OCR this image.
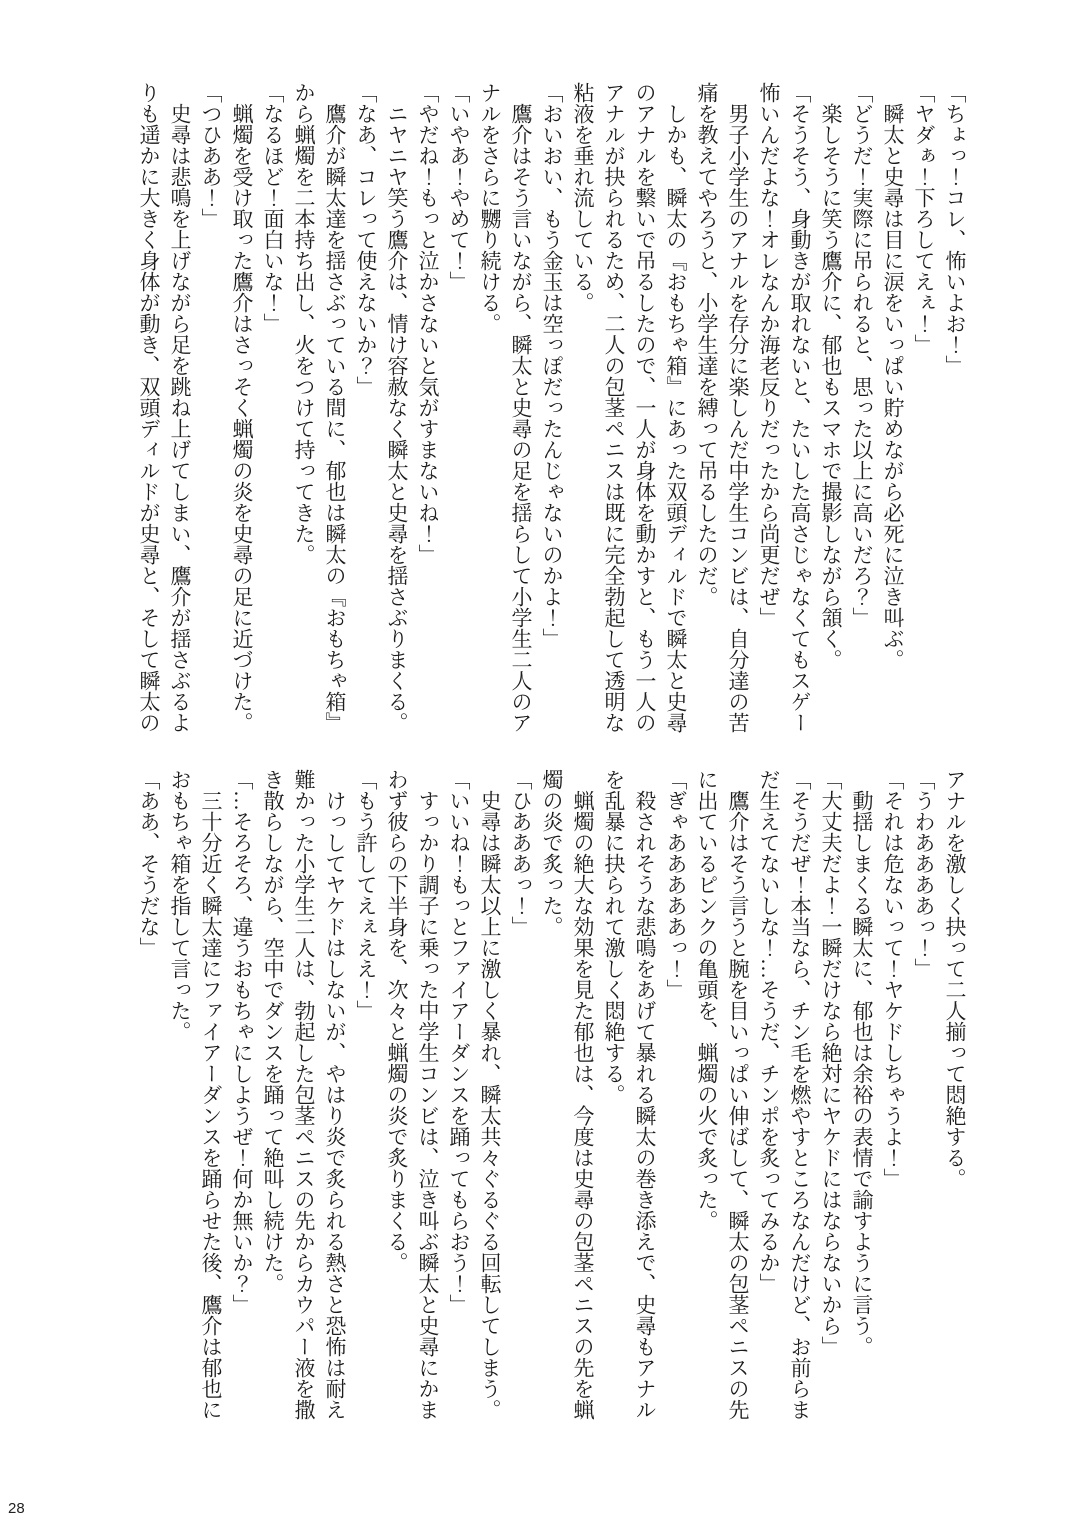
「ちょっ！コレ、怖いよお！」

「ヤダぁ！下ろしてえぇ！」

瞬太と史尋は目に涙をいっぱい貯めながら必死に泣き叫ぶ。

「どうだ！実際に吊られると、思った以上に高いだろ？」

楽しそうに笑う鷹介に、郁也もスマホで撮影しながら頷く。

「そうそう、身動きが取れないと、たいした高さじゃなくてもスゲー怖いんだよな！オレなんか海老反りだったから尚更だぜ」

男子小学生のアナルを存分に楽しんだ中学生コンビは、自分達の苦痛を教えてやろうと、小学生達を縛って吊るしたのだ。

しかも、瞬太の『おもちゃ箱』にあった双頭ディルドで瞬太と史尋のアナルを繋いで吊るしたので、一人が身体を動かすと、もう一人のアナルが抉られるため、二人の包茎ペニスは既に完全勃起して透明な粘液を垂れ流している。

「おいおい、もう金玉は空っぽだったんじゃないのかよ！」

鷹介はそう言いながら、瞬太と史尋の足を揺らして小学生二人のアナルをさらに嬲り続ける。

「いやあ！やめて！」

「やだね！もっと泣かさないと気がすまないね！」

ニヤニヤ笑う鷹介は、情け容赦なく瞬太と史尋を揺さぶりまくる。

「なあ、コレって使えないか？」

鷹介が瞬太達を揺さぶっている間に、郁也は瞬太の『おもちゃ箱』から蝋燭を二本持ち出し、火をつけて持ってきた。

「なるほど！面白いな！」

蝋燭を受け取った鷹介はさっそく蝋燭の炎を史尋の足に近づけた。

「つひああ！」

史尋は悲鳴を上げながら足を跳ね上げてしまい、鷹介が揺さぶるよりも遥かに大きく身体が動き、双頭ディルドが史尋と、そして瞬太の

アナルを激しく抉って二人揃って悶絶する。

「うわああああっ！」

「それは危ないって！ヤケドしちゃうよ！」

動揺しまくる瞬太に、郁也は余裕の表情で諭すように言う。

「大丈夫だよ！一瞬だけなら絶対にヤケドにはならないから」

「そうだぜ！本当なら、チン毛を燃やすところなんだけど、お前らまだ生えてないしな！…そうだ、チンポを炙ってみるか」

鷹介はそう言うと腕を目いっぱい伸ばして、瞬太の包茎ペニスの先に出ているピンクの亀頭を、蝋燭の火で炙った。

「ぎゃあああああっ！」

殺されそうな悲鳴をあげて暴れる瞬太の巻き添えで、史尋もアナルを乱暴に抉られて激しく悶絶する。

蝋燭の絶大な効果を見た郁也は、今度は史尋の包茎ペニスの先を蝋燭の炎で炙った。

「ひあああっ！」

史尋は瞬太以上に激しく暴れ、瞬太共々ぐるぐる回転してしまう。

「いいね！もっとファイアーダンスを踊ってもらおう！」

すっかり調子に乗った中学生コンビは、泣き叫ぶ瞬太と史尋にかまわず彼らの下半身を、次々と蝋燭の炎で炙りまくる。

「もう許してえぇええ！」

けっしてヤケドはしないが、やはり炎で炙られる熱さと恐怖は耐え難かった小学生二人は、勃起した包茎ペニスの先からカウパー液を撒き散らしながら、空中でダンスを踊って絶叫し続けた。

「…そろそろ、違うおもちゃにしようぜ！何か無いか？」

三十分近く瞬太達にファイアーダンスを踊らせた後、鷹介は郁也におもちゃ箱を指して言った。

「ああ、そうだな」

28
